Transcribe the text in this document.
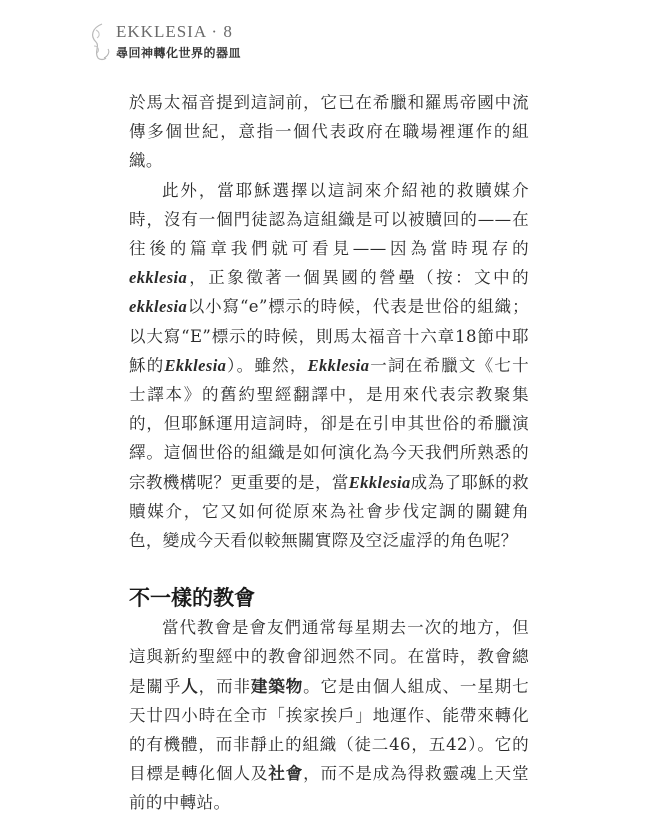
EKKLESIA · 8
尋回神轉化世界的器皿

於馬太福音提到這詞前，它已在希臘和羅馬帝國中流傳多個世紀，意指一個代表政府在職場裡運作的組織。

此外，當耶穌選擇以這詞來介紹祂的救贖媒介時，沒有一個門徒認為這組織是可以被贖回的——在往後的篇章我們就可看見——因為當時現存的ekklesia，正象徵著一個異國的營壘（按：文中的ekklesia以小寫“e”標示的時候，代表是世俗的組織；以大寫“E”標示的時候，則馬太福音十六章18節中耶穌的Ekklesia）。雖然，Ekklesia一詞在希臘文《七十士譯本》的舊約聖經翻譯中，是用來代表宗教聚集的，但耶穌運用這詞時，卻是在引申其世俗的希臘演繹。這個世俗的組織是如何演化為今天我們所熟悉的宗教機構呢？更重要的是，當Ekklesia成為了耶穌的救贖媒介，它又如何從原來為社會步伐定調的關鍵角色，變成今天看似較無關實際及空泛虛浮的角色呢？

不一樣的教會

當代教會是會友們通常每星期去一次的地方，但這與新約聖經中的教會卻迥然不同。在當時，教會總是關乎人，而非建築物。它是由個人組成、一星期七天廿四小時在全市「挨家挨戶」地運作、能帶來轉化的有機體，而非靜止的組織（徒二46，五42）。它的目標是轉化個人及社會，而不是成為得救靈魂上天堂前的中轉站。
